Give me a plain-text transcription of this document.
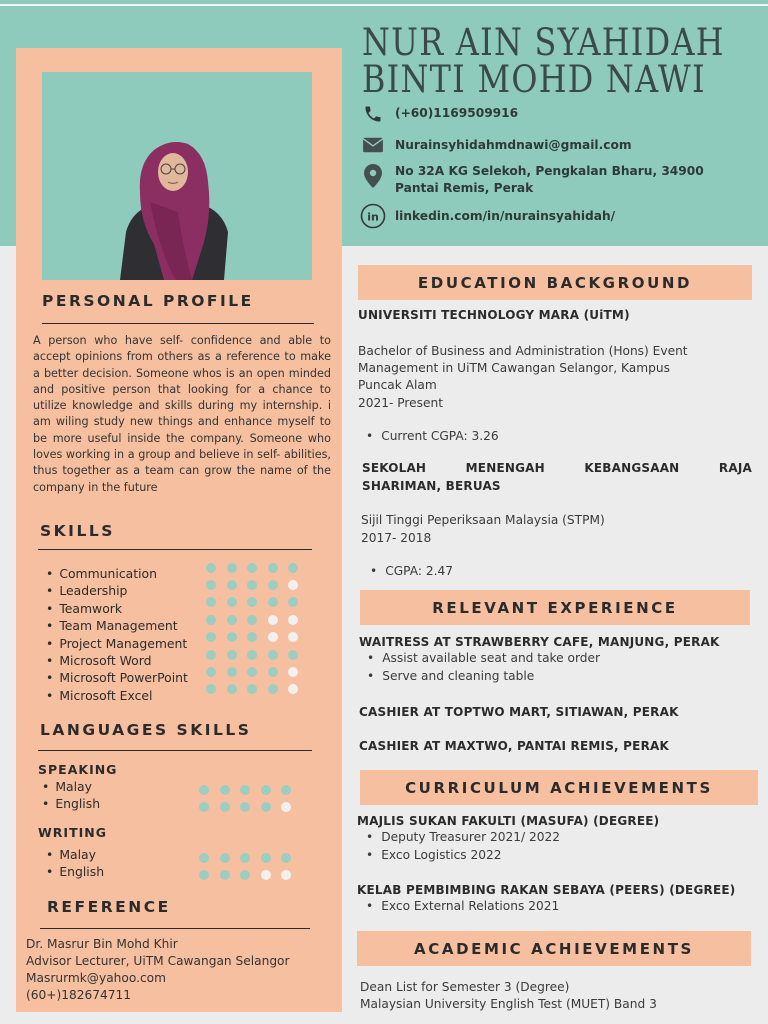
PERSONAL PROFILE
A person who have self- confidence and able to accept opinions from others as a reference to make a better decision. Someone whos is an open minded and positive person that looking for a chance to utilize knowledge and skills during my internship. i am wiling study new things and enhance myself to be more useful inside the company. Someone who loves working in a group and believe in self- abilities, thus together as a team can grow the name of the company in the future
SKILLS
• Communication
• Leadership
• Teamwork
• Team Management
• Project Management
• Microsoft Word
• Microsoft PowerPoint
• Microsoft Excel
LANGUAGES SKILLS
SPEAKING
• Malay
• English
WRITING
• Malay
• English
REFERENCE
Dr. Masrur Bin Mohd Khir
Advisor Lecturer, UiTM Cawangan Selangor
Masrurmk@yahoo.com
(60+)182674711
NUR AIN SYAHIDAH
BINTI MOHD NAWI
(+60)1169509916
Nurainsyhidahmdnawi@gmail.com
No 32A KG Selekoh, Pengkalan Bharu, 34900
Pantai Remis, Perak
in linkedin.com/in/nurainsyahidah/
EDUCATION BACKGROUND
UNIVERSITI TECHNOLOGY MARA (UiTM)
Bachelor of Business and Administration (Hons) Event
Management in UiTM Cawangan Selangor, Kampus
Puncak Alam
2021- Present
• Current CGPA: 3.26
SEKOLAH MENENGAH KEBANGSAAN RAJA
SHARIMAN, BERUAS
Sijil Tinggi Peperiksaan Malaysia (STPM)
2017- 2018
• CGPA: 2.47
RELEVANT EXPERIENCE
WAITRESS AT STRAWBERRY CAFE, MANJUNG, PERAK
• Assist available seat and take order
• Serve and cleaning table
CASHIER AT TOPTWO MART, SITIAWAN, PERAK
CASHIER AT MAXTWO, PANTAI REMIS, PERAK
CURRICULUM ACHIEVEMENTS
MAJLIS SUKAN FAKULTI (MASUFA) (DEGREE)
• Deputy Treasurer 2021/ 2022
• Exco Logistics 2022
KELAB PEMBIMBING RAKAN SEBAYA (PEERS) (DEGREE)
• Exco External Relations 2021
ACADEMIC ACHIEVEMENTS
Dean List for Semester 3 (Degree)
Malaysian University English Test (MUET) Band 3
